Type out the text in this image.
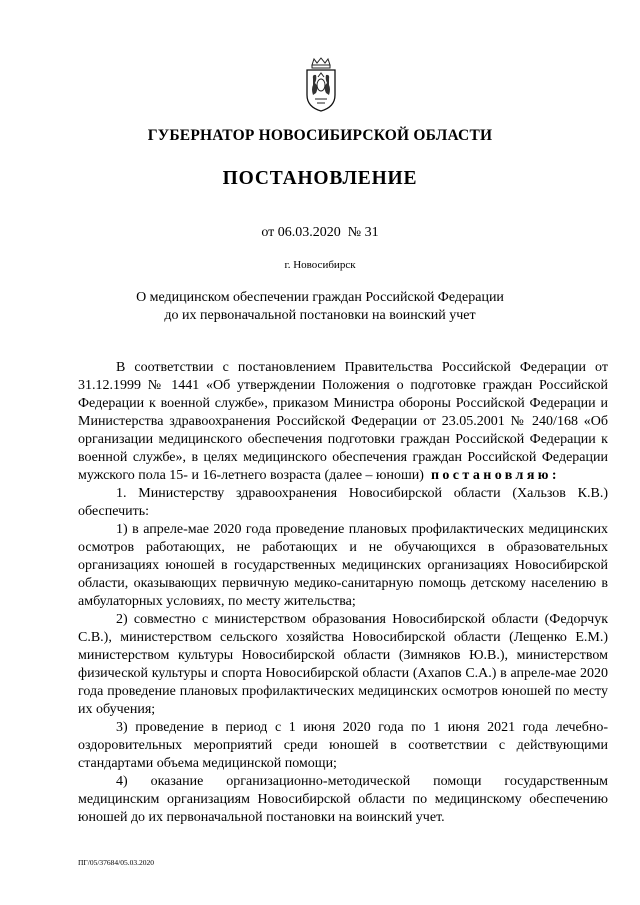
ГУБЕРНАТОР НОВОСИБИРСКОЙ ОБЛАСТИ
ПОСТАНОВЛЕНИЕ
от 06.03.2020 № 31
г. Новосибирск
О медицинском обеспечении граждан Российской Федерации
до их первоначальной постановки на воинский учет
В соответствии с постановлением Правительства Российской Федерации от 31.12.1999 № 1441 «Об утверждении Положения о подготовке граждан Российской Федерации к военной службе», приказом Министра обороны Российской Федерации и Министерства здравоохранения Российской Федерации от 23.05.2001 № 240/168 «Об организации медицинского обеспечения подготовки граждан Российской Федерации к военной службе», в целях медицинского обеспечения граждан Российской Федерации мужского пола 15- и 16-летнего возраста (далее – юноши) постановляю:
1. Министерству здравоохранения Новосибирской области (Хальзов К.В.) обеспечить:
1) в апреле-мае 2020 года проведение плановых профилактических медицинских осмотров работающих, не работающих и не обучающихся в образовательных организациях юношей в государственных медицинских организациях Новосибирской области, оказывающих первичную медико-санитарную помощь детскому населению в амбулаторных условиях, по месту жительства;
2) совместно с министерством образования Новосибирской области (Федорчук С.В.), министерством сельского хозяйства Новосибирской области (Лещенко Е.М.) министерством культуры Новосибирской области (Зимняков Ю.В.), министерством физической культуры и спорта Новосибирской области (Ахапов С.А.) в апреле-мае 2020 года проведение плановых профилактических медицинских осмотров юношей по месту их обучения;
3) проведение в период с 1 июня 2020 года по 1 июня 2021 года лечебно-оздоровительных мероприятий среди юношей в соответствии с действующими стандартами объема медицинской помощи;
4) оказание организационно-методической помощи государственным медицинским организациям Новосибирской области по медицинскому обеспечению юношей до их первоначальной постановки на воинский учет.
ПГ/05/37684/05.03.2020
